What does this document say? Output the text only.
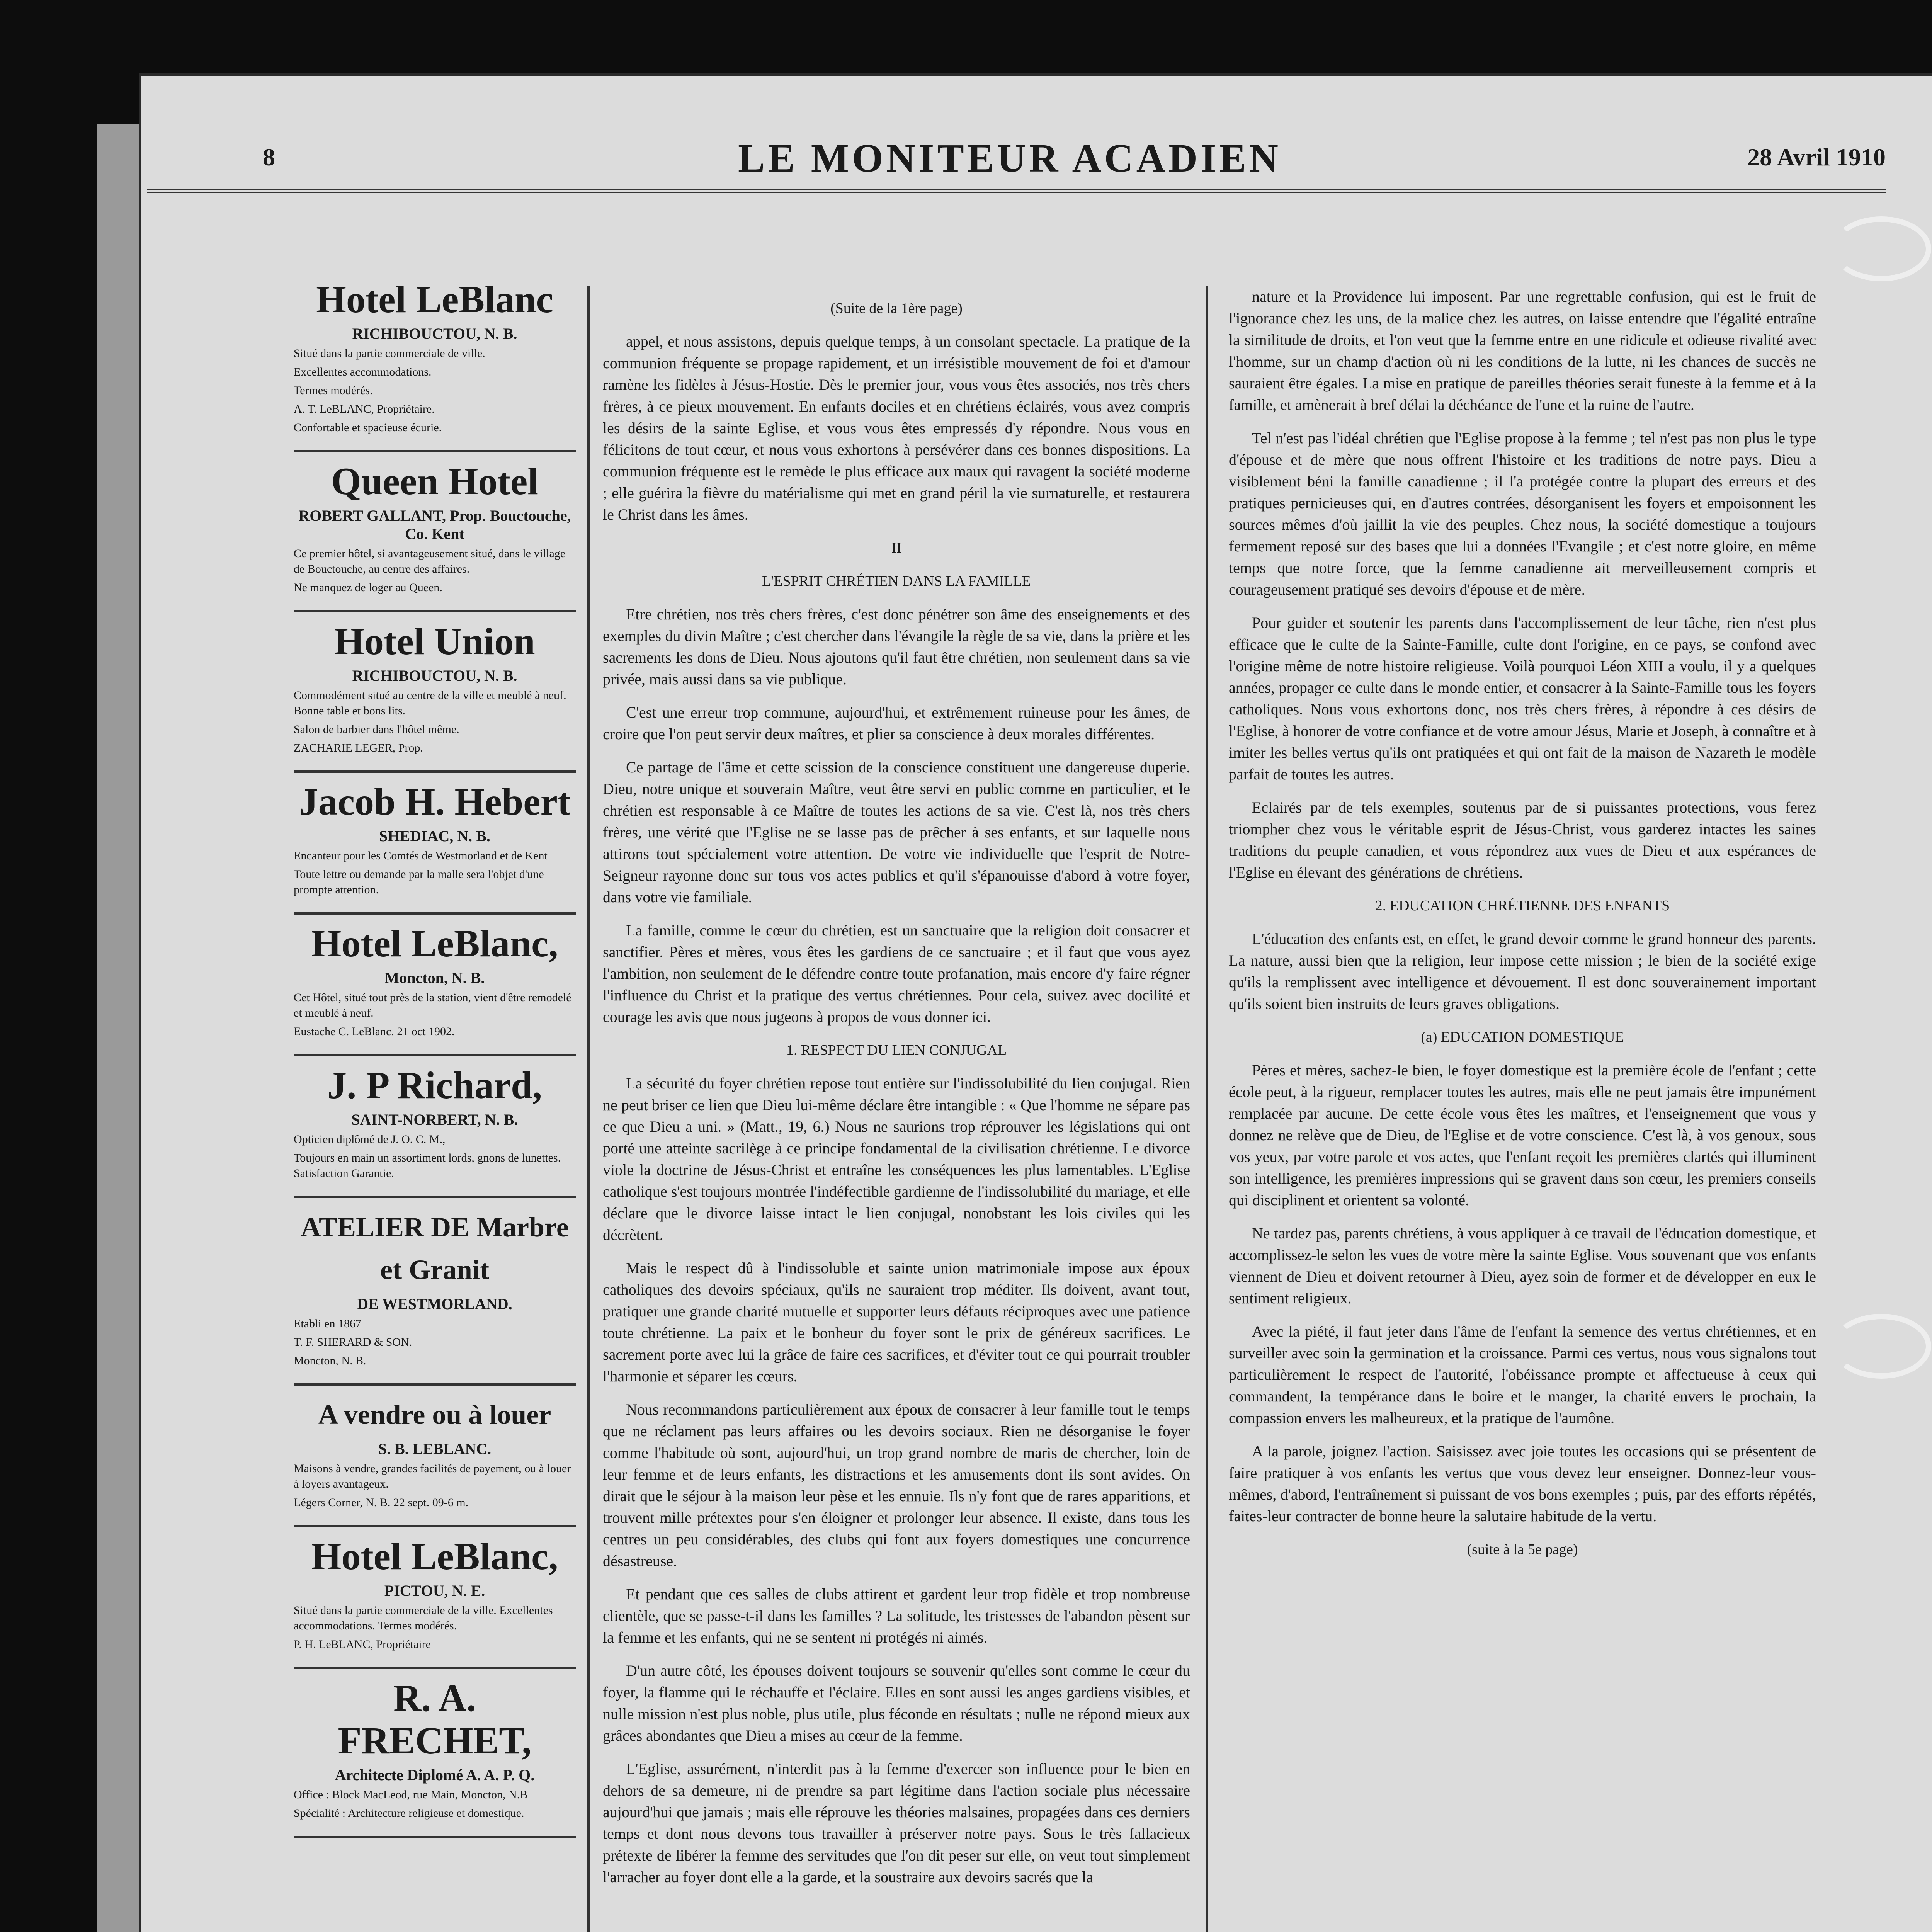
8	LE MONITEUR ACADIEN	28 Avril 1910
Hotel LeBlanc
RICHIBOUCTOU, N. B.

Situé dans la partie commerciale de ville.

Excellentes accommodations.

Termes modérés.

A. T. LeBLANC, Propriétaire.

Confortable et spacieuse écurie.

Queen Hotel
ROBERT GALLANT, Prop. Bouctouche, Co. Kent

Ce premier hôtel, si avantageusement situé, dans le village de Bouctouche, au centre des affaires.

Ne manquez de loger au Queen.

Hotel Union
RICHIBOUCTOU, N. B.

Commodément situé au centre de la ville et meublé à neuf. Bonne table et bons lits.

Salon de barbier dans l'hôtel même.

ZACHARIE LEGER, Prop.

Jacob H. Hebert
SHEDIAC, N. B.

Encanteur pour les Comtés de Westmorland et de Kent

Toute lettre ou demande par la malle sera l'objet d'une prompte attention.

Hotel LeBlanc,
Moncton, N. B.

Cet Hôtel, situé tout près de la station, vient d'être remodelé et meublé à neuf.

Eustache C. LeBlanc. 21 oct 1902.

J. P Richard,
SAINT-NORBERT, N. B.

Opticien diplômé de J. O. C. M.,

Toujours en main un assortiment lords, gnons de lunettes. Satisfaction Garantie.

ATELIER DE Marbre et Granit
DE WESTMORLAND.

Etabli en 1867

T. F. SHERARD & SON.

Moncton, N. B.

A vendre ou à louer
S. B. LEBLANC.

Maisons à vendre, grandes facilités de payement, ou à louer à loyers avantageux.

Légers Corner, N. B. 22 sept. 09-6 m.

Hotel LeBlanc,
PICTOU, N. E.

Situé dans la partie commerciale de la ville. Excellentes accommodations. Termes modérés.

P. H. LeBLANC, Propriétaire

R. A. FRECHET,
Architecte Diplomé A. A. P. Q.

Office : Block MacLeod, rue Main, Moncton, N.B

Spécialité : Architecture religieuse et domestique.

(Suite de la 1ère page)

appel, et nous assistons, depuis quelque temps, à un consolant spectacle. La pratique de la communion fréquente se propage rapidement, et un irrésistible mouvement de foi et d'amour ramène les fidèles à Jésus-Hostie. Dès le premier jour, vous vous êtes associés, nos très chers frères, à ce pieux mouvement. En enfants dociles et en chrétiens éclairés, vous avez compris les désirs de la sainte Eglise, et vous vous êtes empressés d'y répondre. Nous vous en félicitons de tout cœur, et nous vous exhortons à persévérer dans ces bonnes dispositions. La communion fréquente est le remède le plus efficace aux maux qui ravagent la société moderne ; elle guérira la fièvre du matérialisme qui met en grand péril la vie surnaturelle, et restaurera le Christ dans les âmes.

II

L'ESPRIT CHRÉTIEN DANS LA FAMILLE

Etre chrétien, nos très chers frères, c'est donc pénétrer son âme des enseignements et des exemples du divin Maître ; c'est chercher dans l'évangile la règle de sa vie, dans la prière et les sacrements les dons de Dieu. Nous ajoutons qu'il faut être chrétien, non seulement dans sa vie privée, mais aussi dans sa vie publique.

C'est une erreur trop commune, aujourd'hui, et extrêmement ruineuse pour les âmes, de croire que l'on peut servir deux maîtres, et plier sa conscience à deux morales différentes.

Ce partage de l'âme et cette scission de la conscience constituent une dangereuse duperie. Dieu, notre unique et souverain Maître, veut être servi en public comme en particulier, et le chrétien est responsable à ce Maître de toutes les actions de sa vie. C'est là, nos très chers frères, une vérité que l'Eglise ne se lasse pas de prêcher à ses enfants, et sur laquelle nous attirons tout spécialement votre attention. De votre vie individuelle que l'esprit de Notre-Seigneur rayonne donc sur tous vos actes publics et qu'il s'épanouisse d'abord à votre foyer, dans votre vie familiale.

La famille, comme le cœur du chrétien, est un sanctuaire que la religion doit consacrer et sanctifier. Pères et mères, vous êtes les gardiens de ce sanctuaire ; et il faut que vous ayez l'ambition, non seulement de le défendre contre toute profanation, mais encore d'y faire régner l'influence du Christ et la pratique des vertus chrétiennes. Pour cela, suivez avec docilité et courage les avis que nous jugeons à propos de vous donner ici.

1. RESPECT DU LIEN CONJUGAL

La sécurité du foyer chrétien repose tout entière sur l'indissolubilité du lien conjugal. Rien ne peut briser ce lien que Dieu lui-même déclare être intangible : « Que l'homme ne sépare pas ce que Dieu a uni. » (Matt., 19, 6.) Nous ne saurions trop réprouver les législations qui ont porté une atteinte sacrilège à ce principe fondamental de la civilisation chrétienne. Le divorce viole la doctrine de Jésus-Christ et entraîne les conséquences les plus lamentables. L'Eglise catholique s'est toujours montrée l'indéfectible gardienne de l'indissolubilité du mariage, et elle déclare que le divorce laisse intact le lien conjugal, nonobstant les lois civiles qui les décrètent.

Mais le respect dû à l'indissoluble et sainte union matrimoniale impose aux époux catholiques des devoirs spéciaux, qu'ils ne sauraient trop méditer. Ils doivent, avant tout, pratiquer une grande charité mutuelle et supporter leurs défauts réciproques avec une patience toute chrétienne. La paix et le bonheur du foyer sont le prix de généreux sacrifices. Le sacrement porte avec lui la grâce de faire ces sacrifices, et d'éviter tout ce qui pourrait troubler l'harmonie et séparer les cœurs.

Nous recommandons particulièrement aux époux de consacrer à leur famille tout le temps que ne réclament pas leurs affaires ou les devoirs sociaux. Rien ne désorganise le foyer comme l'habitude où sont, aujourd'hui, un trop grand nombre de maris de chercher, loin de leur femme et de leurs enfants, les distractions et les amusements dont ils sont avides. On dirait que le séjour à la maison leur pèse et les ennuie. Ils n'y font que de rares apparitions, et trouvent mille prétextes pour s'en éloigner et prolonger leur absence. Il existe, dans tous les centres un peu considérables, des clubs qui font aux foyers domestiques une concurrence désastreuse.

Et pendant que ces salles de clubs attirent et gardent leur trop fidèle et trop nombreuse clientèle, que se passe-t-il dans les familles ? La solitude, les tristesses de l'abandon pèsent sur la femme et les enfants, qui ne se sentent ni protégés ni aimés.

D'un autre côté, les épouses doivent toujours se souvenir qu'elles sont comme le cœur du foyer, la flamme qui le réchauffe et l'éclaire. Elles en sont aussi les anges gardiens visibles, et nulle mission n'est plus noble, plus utile, plus féconde en résultats ; nulle ne répond mieux aux grâces abondantes que Dieu a mises au cœur de la femme.

L'Eglise, assurément, n'interdit pas à la femme d'exercer son influence pour le bien en dehors de sa demeure, ni de prendre sa part légitime dans l'action sociale plus nécessaire aujourd'hui que jamais ; mais elle réprouve les théories malsaines, propagées dans ces derniers temps et dont nous devons tous travailler à préserver notre pays. Sous le très fallacieux prétexte de libérer la femme des servitudes que l'on dit peser sur elle, on veut tout simplement l'arracher au foyer dont elle a la garde, et la soustraire aux devoirs sacrés que la

nature et la Providence lui imposent. Par une regrettable confusion, qui est le fruit de l'ignorance chez les uns, de la malice chez les autres, on laisse entendre que l'égalité entraîne la similitude de droits, et l'on veut que la femme entre en une ridicule et odieuse rivalité avec l'homme, sur un champ d'action où ni les conditions de la lutte, ni les chances de succès ne sauraient être égales. La mise en pratique de pareilles théories serait funeste à la femme et à la famille, et amènerait à bref délai la déchéance de l'une et la ruine de l'autre.

Tel n'est pas l'idéal chrétien que l'Eglise propose à la femme ; tel n'est pas non plus le type d'épouse et de mère que nous offrent l'histoire et les traditions de notre pays. Dieu a visiblement béni la famille canadienne ; il l'a protégée contre la plupart des erreurs et des pratiques pernicieuses qui, en d'autres contrées, désorganisent les foyers et empoisonnent les sources mêmes d'où jaillit la vie des peuples. Chez nous, la société domestique a toujours fermement reposé sur des bases que lui a données l'Evangile ; et c'est notre gloire, en même temps que notre force, que la femme canadienne ait merveilleusement compris et courageusement pratiqué ses devoirs d'épouse et de mère.

Pour guider et soutenir les parents dans l'accomplissement de leur tâche, rien n'est plus efficace que le culte de la Sainte-Famille, culte dont l'origine, en ce pays, se confond avec l'origine même de notre histoire religieuse. Voilà pourquoi Léon XIII a voulu, il y a quelques années, propager ce culte dans le monde entier, et consacrer à la Sainte-Famille tous les foyers catholiques. Nous vous exhortons donc, nos très chers frères, à répondre à ces désirs de l'Eglise, à honorer de votre confiance et de votre amour Jésus, Marie et Joseph, à connaître et à imiter les belles vertus qu'ils ont pratiquées et qui ont fait de la maison de Nazareth le modèle parfait de toutes les autres.

Eclairés par de tels exemples, soutenus par de si puissantes protections, vous ferez triompher chez vous le véritable esprit de Jésus-Christ, vous garderez intactes les saines traditions du peuple canadien, et vous répondrez aux vues de Dieu et aux espérances de l'Eglise en élevant des générations de chrétiens.

2. EDUCATION CHRÉTIENNE DES ENFANTS

L'éducation des enfants est, en effet, le grand devoir comme le grand honneur des parents. La nature, aussi bien que la religion, leur impose cette mission ; le bien de la société exige qu'ils la remplissent avec intelligence et dévouement. Il est donc souverainement important qu'ils soient bien instruits de leurs graves obligations.

(a) EDUCATION DOMESTIQUE

Pères et mères, sachez-le bien, le foyer domestique est la première école de l'enfant ; cette école peut, à la rigueur, remplacer toutes les autres, mais elle ne peut jamais être impunément remplacée par aucune. De cette école vous êtes les maîtres, et l'enseignement que vous y donnez ne relève que de Dieu, de l'Eglise et de votre conscience. C'est là, à vos genoux, sous vos yeux, par votre parole et vos actes, que l'enfant reçoit les premières clartés qui illuminent son intelligence, les premières impressions qui se gravent dans son cœur, les premiers conseils qui disciplinent et orientent sa volonté.

Ne tardez pas, parents chrétiens, à vous appliquer à ce travail de l'éducation domestique, et accomplissez-le selon les vues de votre mère la sainte Eglise. Vous souvenant que vos enfants viennent de Dieu et doivent retourner à Dieu, ayez soin de former et de développer en eux le sentiment religieux.

Avec la piété, il faut jeter dans l'âme de l'enfant la semence des vertus chrétiennes, et en surveiller avec soin la germination et la croissance. Parmi ces vertus, nous vous signalons tout particulièrement le respect de l'autorité, l'obéissance prompte et affectueuse à ceux qui commandent, la tempérance dans le boire et le manger, la charité envers le prochain, la compassion envers les malheureux, et la pratique de l'aumône.

A la parole, joignez l'action. Saisissez avec joie toutes les occasions qui se présentent de faire pratiquer à vos enfants les vertus que vous devez leur enseigner. Donnez-leur vous-mêmes, d'abord, l'entraînement si puissant de vos bons exemples ; puis, par des efforts répétés, faites-leur contracter de bonne heure la salutaire habitude de la vertu.

(suite à la 5e page)
